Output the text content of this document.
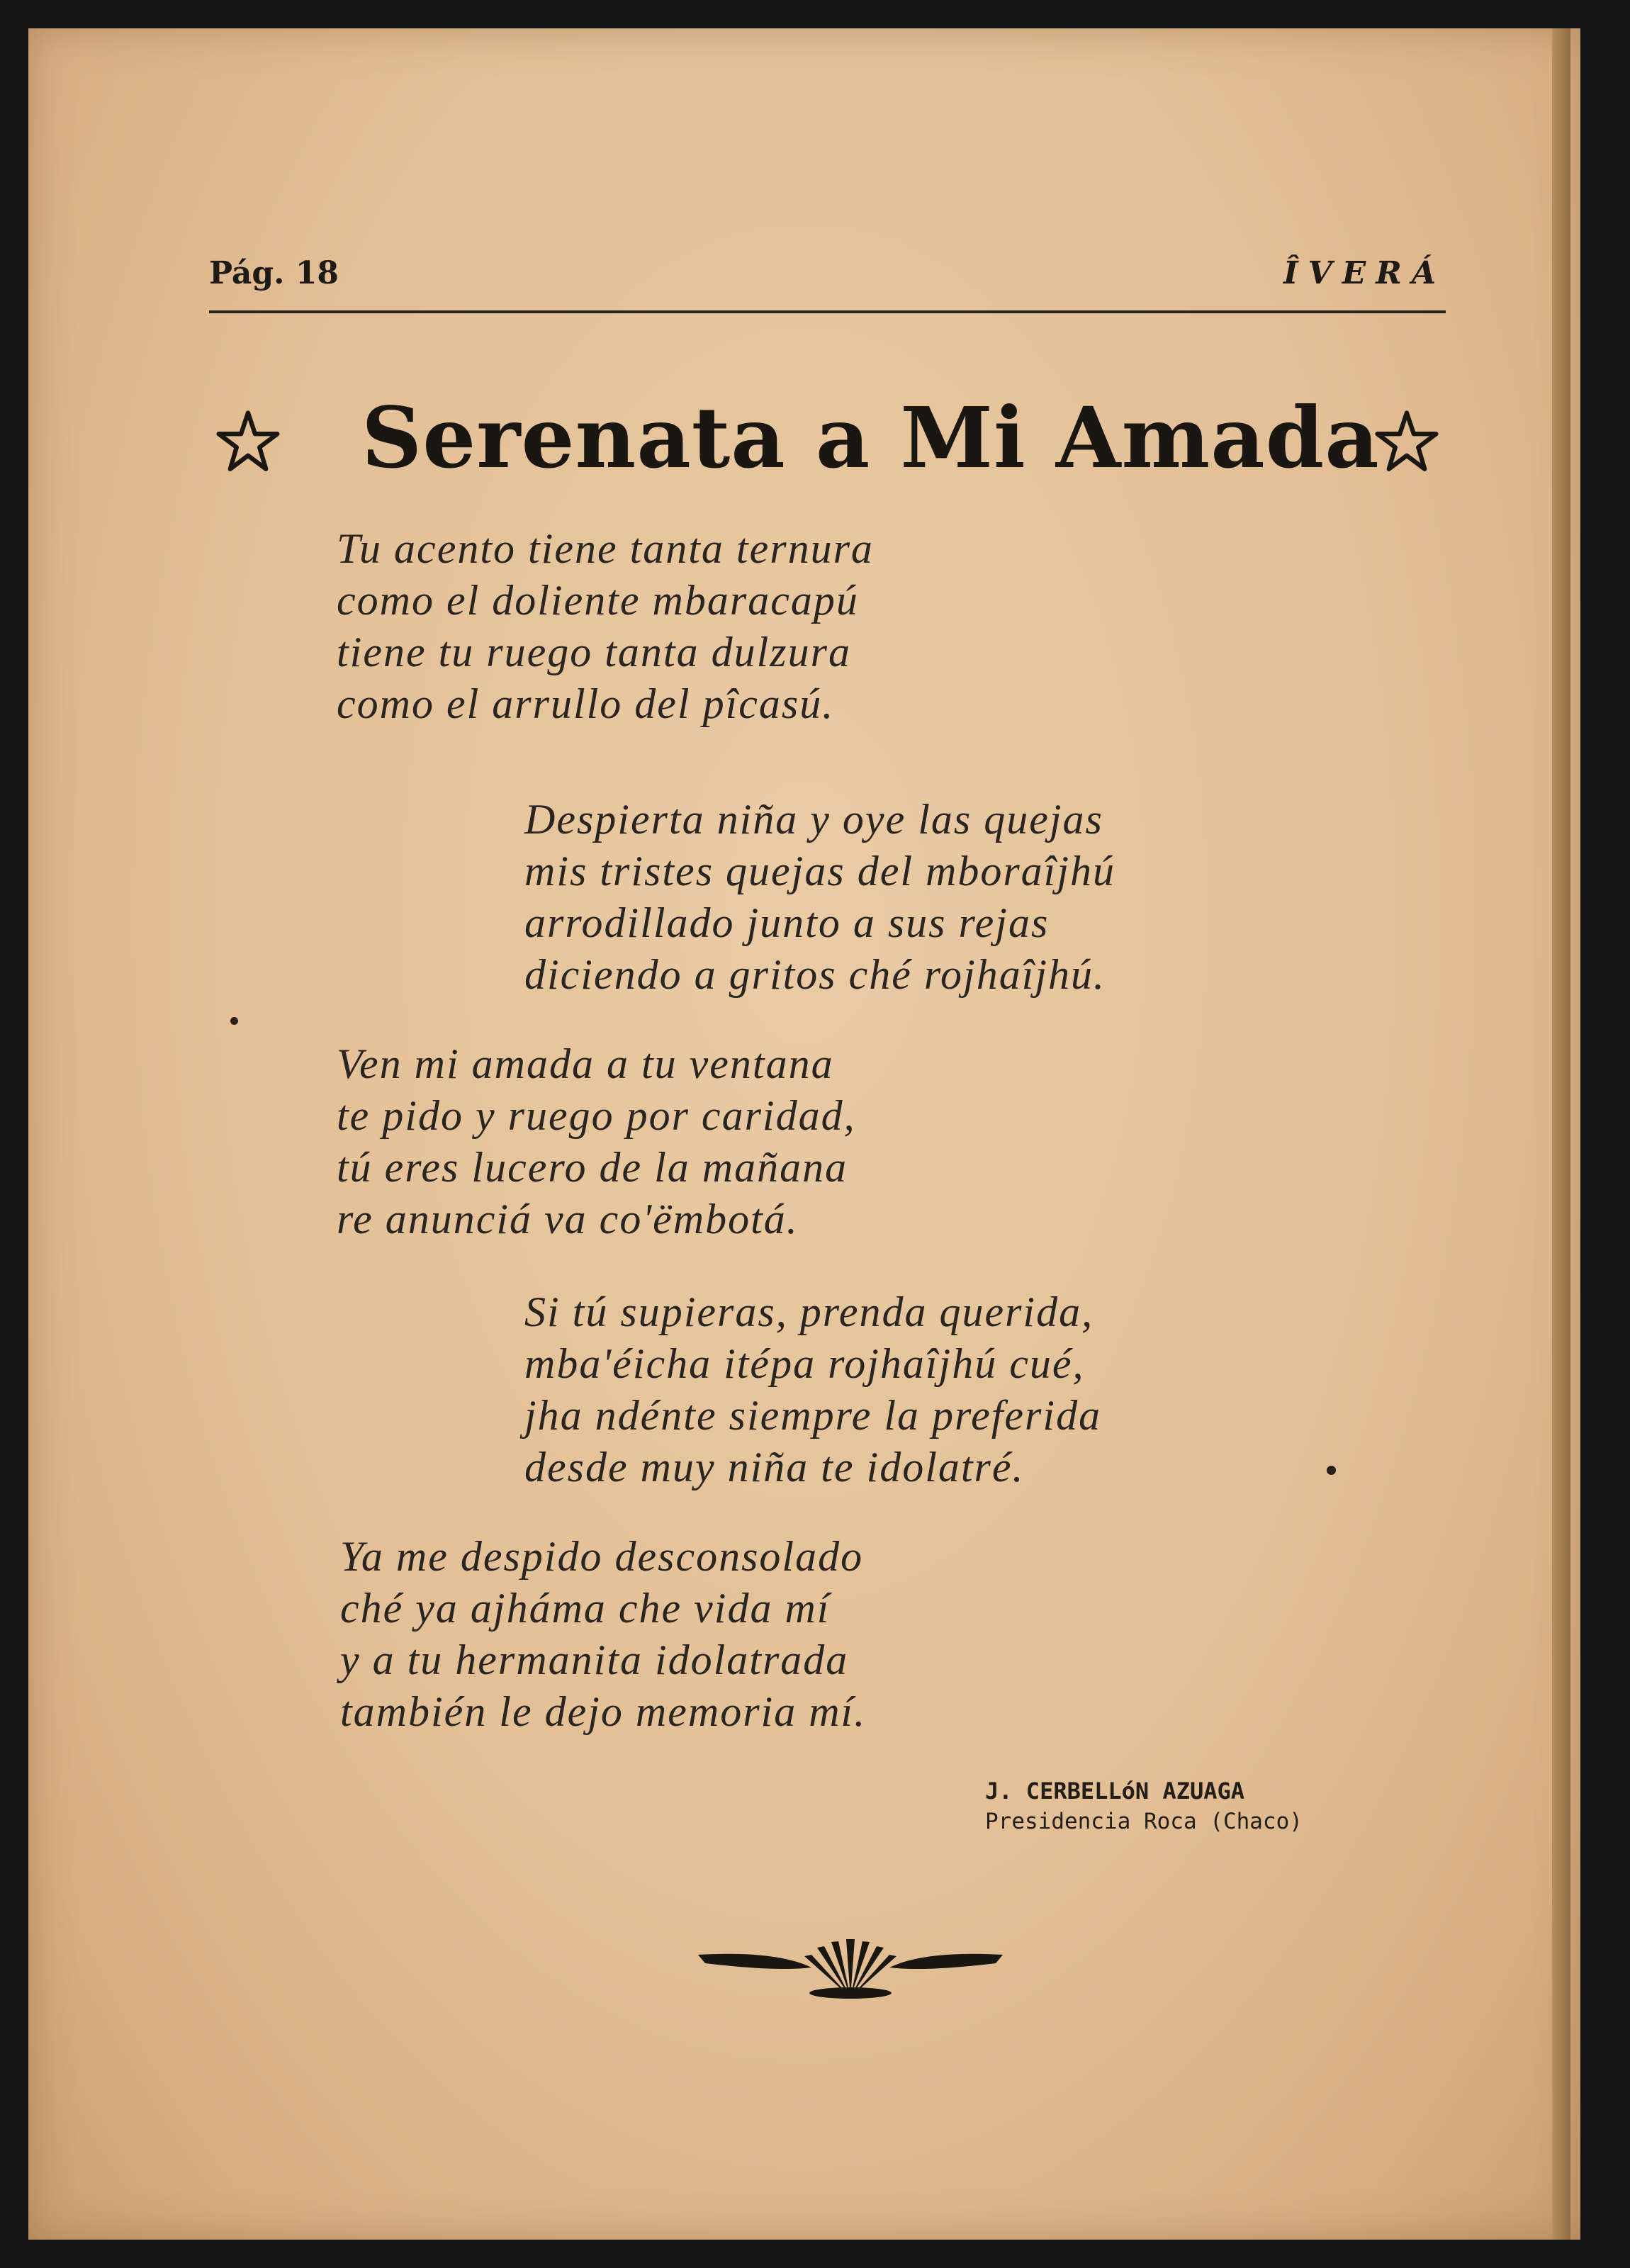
Pág. 18	ÎVERÁ
Serenata a Mi Amada
Tu acento tiene tanta ternura
como el doliente mbaracapú
tiene tu ruego tanta dulzura
como el arrullo del pîcasú.
Despierta niña y oye las quejas
mis tristes quejas del mboraîjhú
arrodillado junto a sus rejas
diciendo a gritos ché rojhaîjhú.
Ven mi amada a tu ventana
te pido y ruego por caridad,
tú eres lucero de la mañana
re anunciá va co'ëmbotá.
Si tú supieras, prenda querida,
mba'éicha itépa rojhaîjhú cué,
jha ndénte siempre la preferida
desde muy niña te idolatré.
Ya me despido desconsolado
ché ya ajháma che vida mí
y a tu hermanita idolatrada
también le dejo memoria mí.
J. CERBELLóN AZUAGA
Presidencia Roca (Chaco)
